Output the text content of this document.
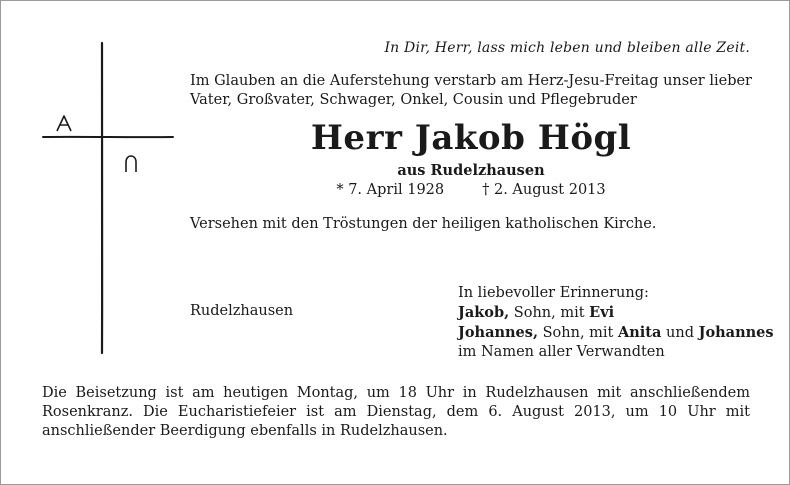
In Dir, Herr, lass mich leben und bleiben alle Zeit.
Im Glauben an die Auferstehung verstarb am Herz-Jesu-Freitag unser lieber Vater, Großvater, Schwager, Onkel, Cousin und Pflegebruder
Herr Jakob Högl
aus Rudelzhausen
* 7. April 1928	† 2. August 2013
Versehen mit den Tröstungen der heiligen katholischen Kirche.
Rudelzhausen
In liebevoller Erinnerung:
Jakob, Sohn, mit Evi
Johannes, Sohn, mit Anita und Johannes
im Namen aller Verwandten
Die Beisetzung ist am heutigen Montag, um 18 Uhr in Rudelzhausen mit anschließendem Rosenkranz. Die Eucharistiefeier ist am Dienstag, dem 6. August 2013, um 10 Uhr mit anschließender Beerdigung ebenfalls in Rudelzhausen.
